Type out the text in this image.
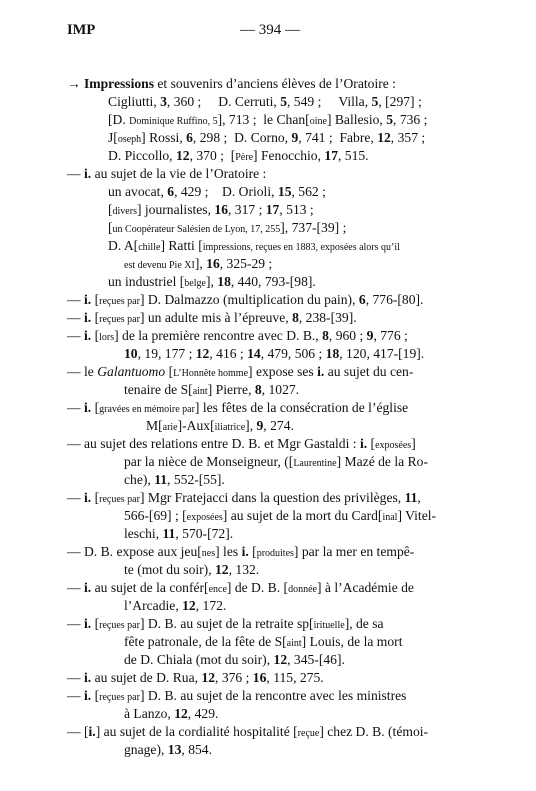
IMP	— 394 —
→ Impressions et souvenirs d’anciens élèves de l’Oratoire :
Cigliutti, 3, 360 ;     D. Cerruti, 5, 549 ;     Villa, 5, [297] ;
[D. Dominique Ruffino, 5], 713 ;  le Chan[oine] Ballesio, 5, 736 ;
J[oseph] Rossi, 6, 298 ;  D. Corno, 9, 741 ;  Fabre, 12, 357 ;
D. Piccollo, 12, 370 ;  [Père] Fenocchio, 17, 515.
— i. au sujet de la vie de l’Oratoire :
un avocat, 6, 429 ;    D. Orioli, 15, 562 ;
[divers] journalistes, 16, 317 ; 17, 513 ;
[un Coopérateur Salésien de Lyon, 17, 255], 737-[39] ;
D. A[chille] Ratti [impressions, reçues en 1883, exposées alors qu’il
est devenu Pie XI], 16, 325-29 ;
un industriel [belge], 18, 440, 793-[98].
— i. [reçues par] D. Dalmazzo (multiplication du pain), 6, 776-[80].
— i. [reçues par] un adulte mis à l’épreuve, 8, 238-[39].
— i. [lors] de la première rencontre avec D. B., 8, 960 ; 9, 776 ;
10, 19, 177 ; 12, 416 ; 14, 479, 506 ; 18, 120, 417-[19].
— le Galantuomo [L’Honnête homme] expose ses i. au sujet du cen-
tenaire de S[aint] Pierre, 8, 1027.
— i. [gravées en mémoire par] les fêtes de la consécration de l’église
M[arie]-Aux[iliatrice], 9, 274.
— au sujet des relations entre D. B. et Mgr Gastaldi : i. [exposées]
par la nièce de Monseigneur, ([Laurentine] Mazé de la Ro-
che), 11, 552-[55].
— i. [reçues par] Mgr Fratejacci dans la question des privilèges, 11,
566-[69] ; [exposées] au sujet de la mort du Card[inal] Vitel-
leschi, 11, 570-[72].
— D. B. expose aux jeu[nes] les i. [produites] par la mer en tempê-
te (mot du soir), 12, 132.
— i. au sujet de la confér[ence] de D. B. [donnée] à l’Académie de
l’Arcadie, 12, 172.
— i. [reçues par] D. B. au sujet de la retraite sp[irituelle], de sa
fête patronale, de la fête de S[aint] Louis, de la mort
de D. Chiala (mot du soir), 12, 345-[46].
— i. au sujet de D. Rua, 12, 376 ; 16, 115, 275.
— i. [reçues par] D. B. au sujet de la rencontre avec les ministres
à Lanzo, 12, 429.
— [i.] au sujet de la cordialité hospitalité [reçue] chez D. B. (témoi-
gnage), 13, 854.
